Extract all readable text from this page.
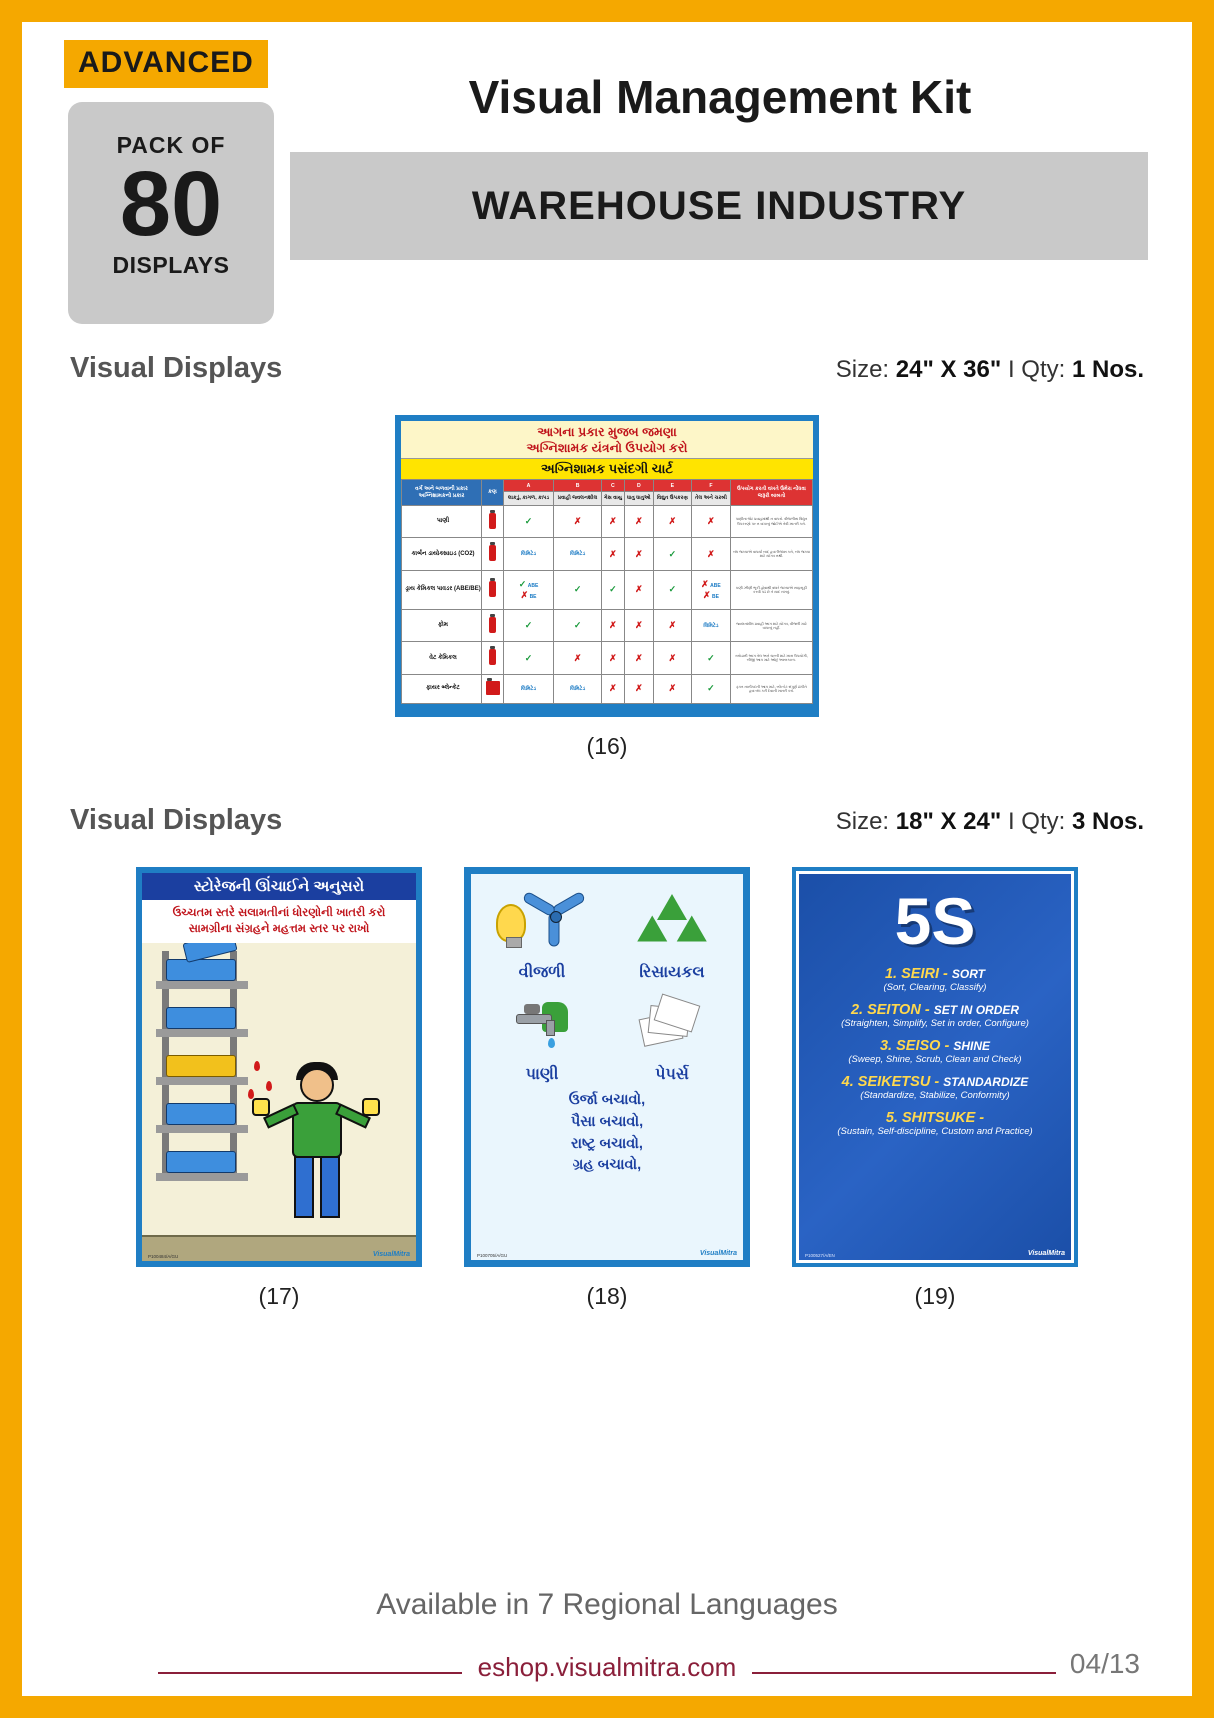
ADVANCED
PACK OF
80
DISPLAYS
Visual Management Kit
WAREHOUSE INDUSTRY
Visual Displays	Size: 24" X 36" I Qty: 1 Nos.
આગના પ્રકાર મુજબ જમણા
અગ્નિશામક યંત્રનો ઉપયોગ કરો
અગ્નિશામક પસંદગી ચાર્ટ
વર્ગ અને બળવાની પ્રકાર
અગ્નિશામકનો પ્રકાર	કણ	A	B	C	D	E	F	ઉપયોગ કરતી વખતે ઉમેરા નોંધવા જરૂરી બાબતો
		લાકડું, કાગળ, કાપડ	પ્રવાહી જ્વલનશીલ	ગેસ વાયુ	ધાતુ ધાતુઓ	વિદ્યુત ઉપકરણ	તેલ અને ચરબી	
પાણી		✓	✗	✗	✗	✗	✗	પાણીના જેટ પ્રવાહમાંથી ન વાપરો. વીજળીના વિદ્યુત ઉપકરણો પર ન વાપરવું જોઈએ તેવી ખાતરી કરો.
કાર્બન ડાયોક્સાઇડ (CO2)		લિમિટેડ	લિમિટેડ	✗	✗	✓	✗	બંધ જગ્યાએ વાપર્યા બાદ હવા ઉજાસ કરો, બંધ જગ્યા માટે યોગ્ય નથી.
ડ્રાય કેમિકલ પાવડર (ABE/BE)		✓ ABE
✗ BE	✓	✓	✗	✓	✗ ABE
✗ BE	ઘણી ઝીણી ભૂકી હોવાથી વધારે જગ્યાએ સાફસૂફી કરવી પડે છે તે યાદ રાખવું.
ફોમ		✓	✓	✗	✗	✗	લિમિટેડ	જ્વલનશીલ પ્રવાહી આગ માટે યોગ્ય, વીજળી માટે વાપરવું નહીં.
વેટ કેમિકલ		✓	✗	✗	✗	✗	✓	રસોડાની આગ તેલ અને ચરબી માટે ખાસ ઉપયોગી, બીજી આગ માટે ઓછું અસરકારક.
ફાયર બ્લેન્કેટ		લિમિટેડ	લિમિટેડ	✗	✗	✗	✓	ફક્ત નાનીકદની આગ માટે, બ્લેન્કેટ સંપૂર્ણ ઢાંકીને હવા બંધ કરી દેવાની ખાતરી કરો.
(16)
Visual Displays	Size: 18" X 24" I Qty: 3 Nos.
સ્ટોરેજની ઊંચાઈને અનુસરો
ઉચ્ચતમ સ્તરે સલામતીનાં ધોરણોની ખાતરી કરો
સામગ્રીના સંગ્રહને મહત્તમ સ્તર પર રાખો
P100484/A/GU	VisualMitra
(17)
વીજળી	રિસાયકલ
પાણી	પેપર્સ
ઉર્જા બચાવો,
પૈસા બચાવો,
રાષ્ટ્ર બચાવો,
ગ્રહ બચાવો,
P100705/A/GU	VisualMitra
(18)
5S
1. SEIRI - SORT
(Sort, Clearing, Classify)
2. SEITON - SET IN ORDER
(Straighten, Simplify, Set in order, Configure)
3. SEISO - SHINE
(Sweep, Shine, Scrub, Clean and Check)
4. SEIKETSU - STANDARDIZE
(Standardize, Stabilize, Conformity)
5. SHITSUKE -
(Sustain, Self-discipline, Custom and Practice)
P100527/A/EN	VisualMitra
(19)
Available in 7 Regional Languages
eshop.visualmitra.com	04/13
